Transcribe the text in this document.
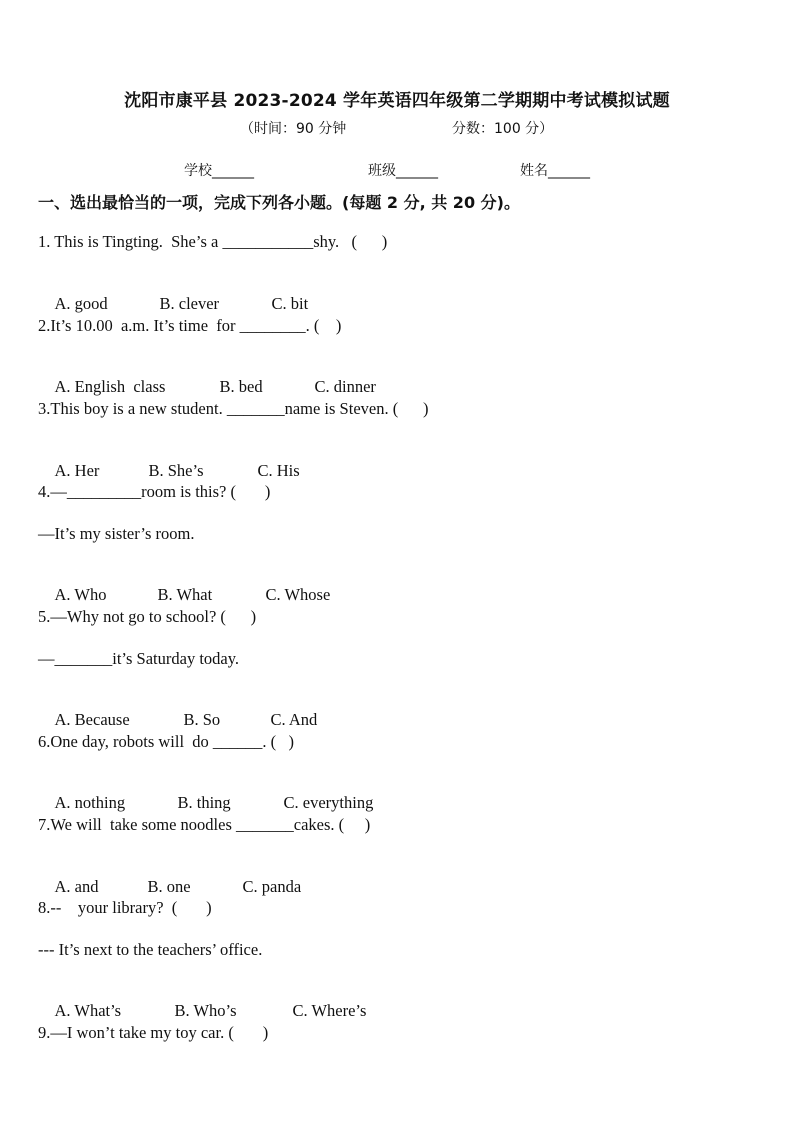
沈阳市康平县 2023-2024 学年英语四年级第二学期期中考试模拟试题
（时间：90 分钟	分数：100 分）
学校______	班级______	姓名______
一、选出最恰当的一项，完成下列各小题。(每题 2 分, 共 20 分)。
1. This is Tingting.  She’s a ___________shy.   (      )

A. good	B. clever	C. bit

2.It’s 10.00  a.m. It’s time  for ________. (    )

A. English  class	B. bed	C. dinner

3.This boy is a new student. _______name is Steven. (      )

A. Her	B. She’s	C. His

4.—_________room is this? (       )
—It’s my sister’s room.

A. Who	B. What	C. Whose

5.—Why not go to school? (      )
—_______it’s Saturday today.

A. Because	B. So	C. And

6.One day, robots will  do ______. (   )

A. nothing	B. thing	C. everything

7.We will  take some noodles _______cakes. (     )

A. and	B. one	C. panda

8.--    your library?  (       )
--- It’s next to the teachers’ office.

A. What’s	B. Who’s	C. Where’s

9.—I won’t take my toy car. (       )
